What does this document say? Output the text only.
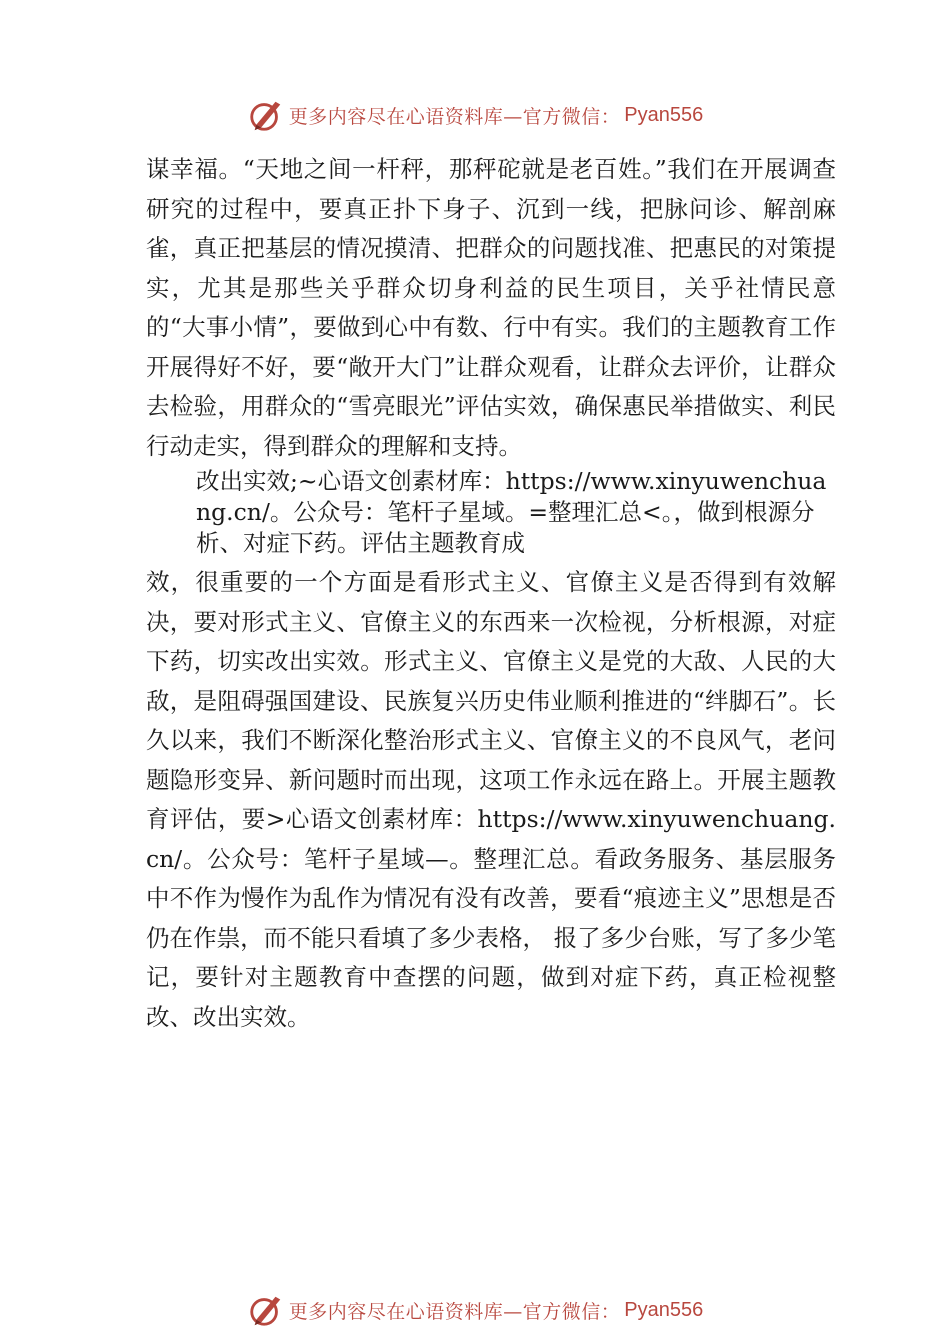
更多内容尽在心语资料库—官方微信： Pyan556

谋幸福。“天地之间一杆秤，那秤砣就是老百姓。”我们在开展调查研究的过程中，要真正扑下身子、沉到一线，把脉问诊、解剖麻雀，真正把基层的情况摸清、把群众的问题找准、把惠民的对策提实，尤其是那些关乎群众切身利益的民生项目，关乎社情民意的“大事小情”，要做到心中有数、行中有实。我们的主题教育工作开展得好不好，要“敞开大门”让群众观看，让群众去评价，让群众去检验，用群众的“雪亮眼光”评估实效，确保惠民举措做实、利民行动走实，得到群众的理解和支持。

改出实效;~心语文创素材库：https://www.xinyuwenchuang.cn/。公众号：笔杆子星域。=整理汇总<。，做到根源分析、对症下药。评估主题教育成

效，很重要的一个方面是看形式主义、官僚主义是否得到有效解决，要对形式主义、官僚主义的东西来一次检视，分析根源，对症下药，切实改出实效。形式主义、官僚主义是党的大敌、人民的大敌，是阻碍强国建设、民族复兴历史伟业顺利推进的“绊脚石”。长久以来，我们不断深化整治形式主义、官僚主义的不良风气，老问题隐形变异、新问题时而出现，这项工作永远在路上。开展主题教育评估，要>心语文创素材库：https://www.xinyuwenchuang.cn/。公众号：笔杆子星域—。整理汇总。看政务服务、基层服务中不作为慢作为乱作为情况有没有改善，要看“痕迹主义”思想是否仍在作祟，而不能只看填了多少表格， 报了多少台账，写了多少笔记，要针对主题教育中查摆的问题，做到对症下药，真正检视整改、改出实效。

更多内容尽在心语资料库—官方微信： Pyan556
